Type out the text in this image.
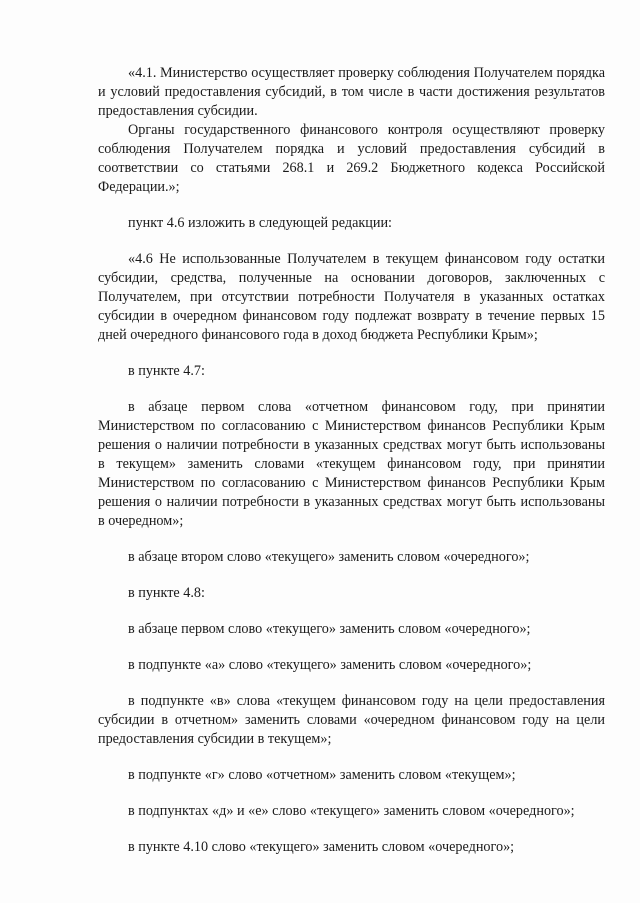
«4.1. Министерство осуществляет проверку соблюдения Получателем порядка и условий предоставления субсидий, в том числе в части достижения результатов предоставления субсидии.

Органы государственного финансового контроля осуществляют проверку соблюдения Получателем порядка и условий предоставления субсидий в соответствии со статьями 268.1 и 269.2 Бюджетного кодекса Российской Федерации.»;

пункт 4.6 изложить в следующей редакции:

«4.6 Не использованные Получателем в текущем финансовом году остатки субсидии, средства, полученные на основании договоров, заключенных с Получателем, при отсутствии потребности Получателя в указанных остатках субсидии в очередном финансовом году подлежат возврату в течение первых 15 дней очередного финансового года в доход бюджета Республики Крым»;

в пункте 4.7:

в абзаце первом слова «отчетном финансовом году, при принятии Министерством по согласованию с Министерством финансов Республики Крым решения о наличии потребности в указанных средствах могут быть использованы в текущем» заменить словами «текущем финансовом году, при принятии Министерством по согласованию с Министерством финансов Республики Крым решения о наличии потребности в указанных средствах могут быть использованы в очередном»;

в абзаце втором слово «текущего» заменить словом «очередного»;

в пункте 4.8:

в абзаце первом слово «текущего» заменить словом «очередного»;

в подпункте «а» слово «текущего» заменить словом «очередного»;

в подпункте «в» слова «текущем финансовом году на цели предоставления субсидии в отчетном» заменить словами «очередном финансовом году на цели предоставления субсидии в текущем»;

в подпункте «г» слово «отчетном» заменить словом «текущем»;

в подпунктах «д» и «е» слово «текущего» заменить словом «очередного»;

в пункте 4.10 слово «текущего» заменить словом «очередного»;
